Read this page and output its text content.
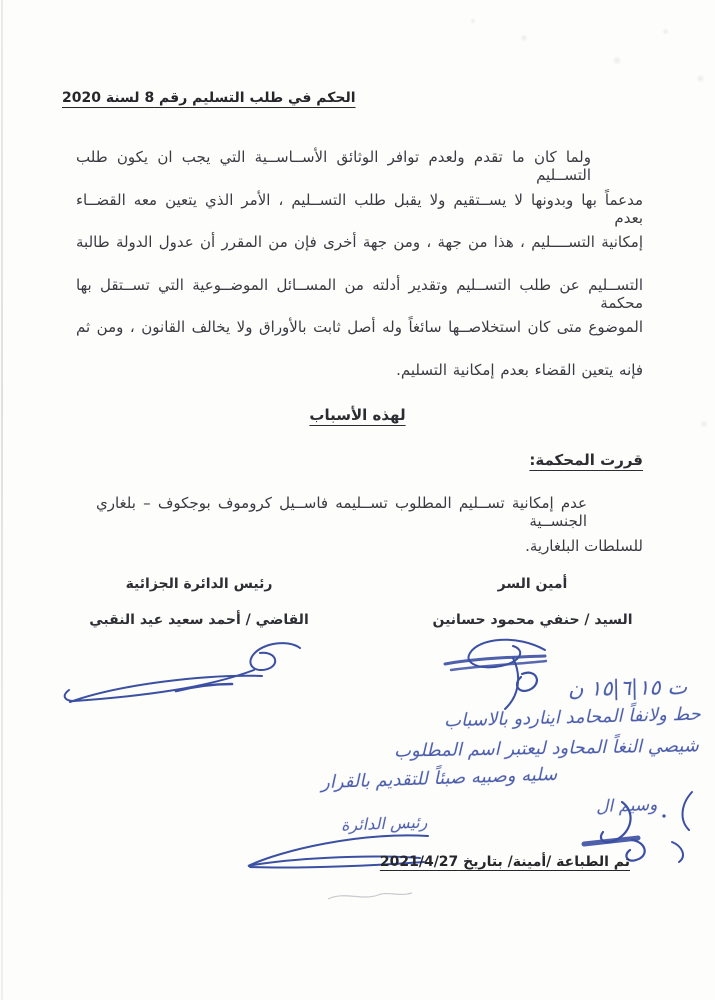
الحكم في طلب التسليم رقم 8 لسنة 2020
ولما كان ما تقدم ولعدم توافر الوثائق الأســاســية التي يجب ان يكون طلب التســليم
مدعماً بها وبدونها لا يســتقيم ولا يقبل طلب التســليم ، الأمر الذي يتعين معه القضــاء بعدم
إمكانية التســــليم ، هذا من جهة ، ومن جهة أخرى فإن من المقرر أن عدول الدولة طالبة
التســليم عن طلب التســليم وتقدير أدلته من المســائل الموضــوعية التي تســتقل بها محكمة
الموضوع متى كان استخلاصــها سائغاً وله أصل ثابت بالأوراق ولا يخالف القانون ، ومن ثم
فإنه يتعين القضاء بعدم إمكانية التسليم.
لهذه الأسباب
قررت المحكمة:
عدم إمكانية تســليم المطلوب تســليمه فاســيل كروموف بوجكوف – بلغاري الجنســية
للسلطات البلغارية.
أمين السر
السيد / حنفي محمود حسانين
رئيس الدائرة الجزائية
القاضي / أحمد سعيد عيد النقبي
ت ١٥|٦|١٥ ن
حط ولانفاً المحامد ايناردو بالاسباب
شيصي النغاً المحاود ليعتبر اسم المطلوب
سليه وصبيه صبئاً للتقديم بالقرار
وسيم ال
رئيس الدائرة
تم الطباعة /أمينة/ بتاريخ 2021/4/27
